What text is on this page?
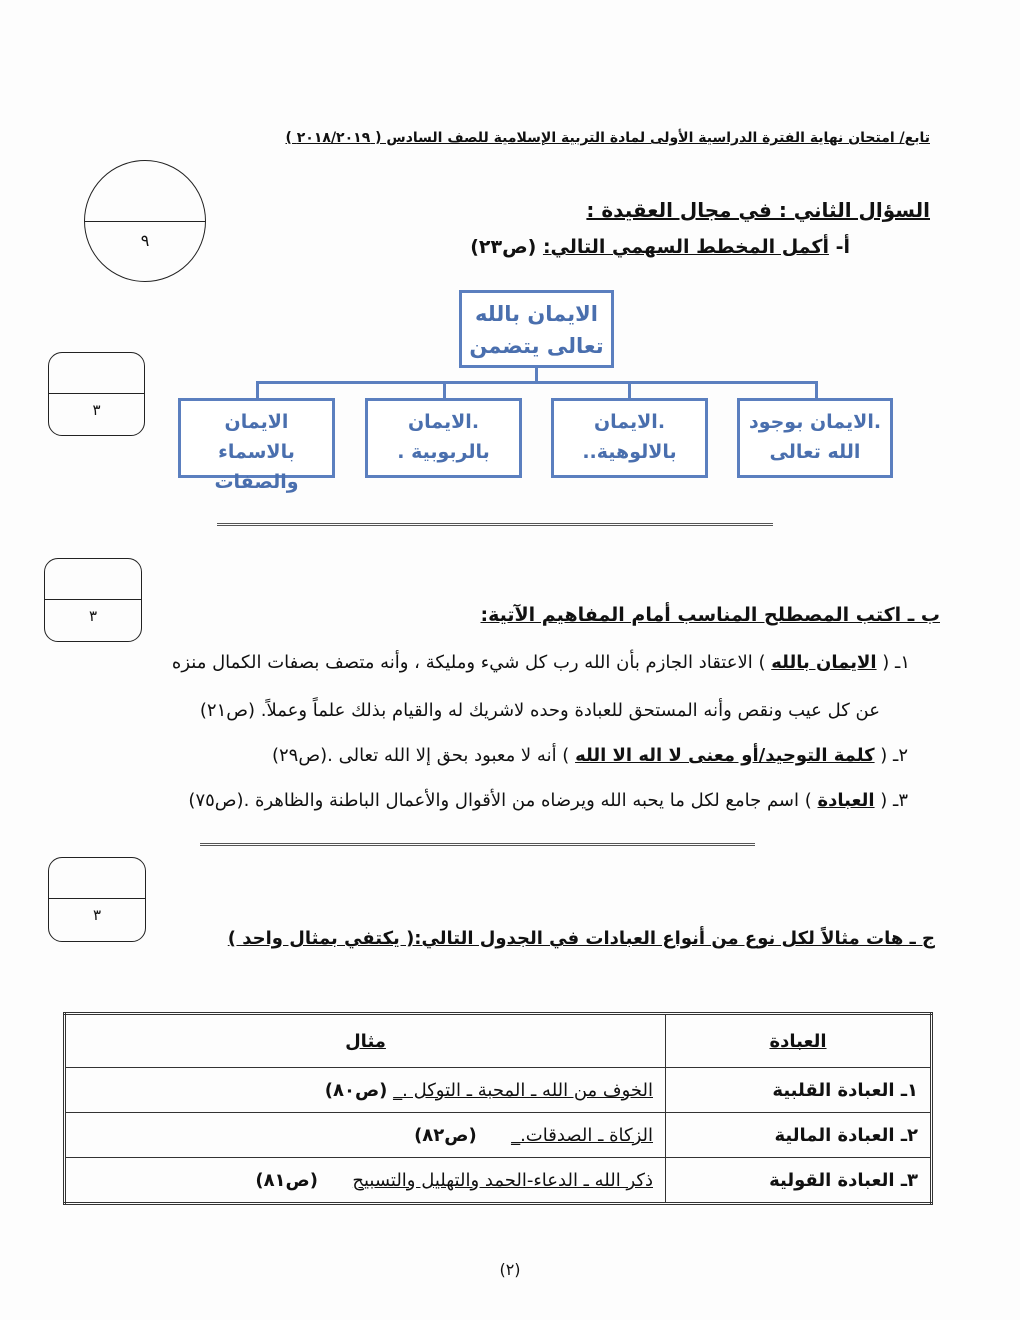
تابع/ امتحان نهاية الفترة الدراسية الأولى لمادة التربية الإسلامية للصف السادس ( ٢٠١٨/٢٠١٩ )
السؤال الثاني : في مجال العقيدة :
أ- أكمل المخطط السهمي التالي: (ص٢٣)
٩
٣
الايمان بالله تعالى يتضمن
.الايمان بوجود الله تعالى
.الايمان بالالوهية..
.الايمان بالربوبية .
الايمان بالاسماء والصفات
٣	ب ـ اكتب المصطلح المناسب أمام المفاهيم الآتية:
١ـ ( الايمان بالله ) الاعتقاد الجازم بأن الله رب كل شيء ومليكة ، وأنه متصف بصفات الكمال منزه
عن كل عيب ونقص وأنه المستحق للعبادة وحده لاشريك له والقيام بذلك علماً وعملاً. (ص٢١)
٢ـ ( كلمة التوحيد/أو معنى لا اله الا الله ) أنه لا معبود بحق إلا الله تعالى .(ص٢٩)
٣ـ ( العبادة ) اسم جامع لكل ما يحبه الله ويرضاه من الأقوال والأعمال الباطنة والظاهرة .(ص٧٥)
٣
ج ـ هات مثالاً لكل نوع من أنواع العبادات في الجدول التالي:( يكتفي بمثال واحد )
العبادة	مثال
١ـ العبادة القلبية	الخوف من الله ـ المحبة ـ التوكل ._ (ص٨٠)
٢ـ العبادة المالية	الزكاة ـ الصدقات._      (ص٨٢)
٣ـ العبادة القولية	ذكر الله ـ الدعاء-الحمد والتهليل والتسبيح      (ص٨١)
(٢)
